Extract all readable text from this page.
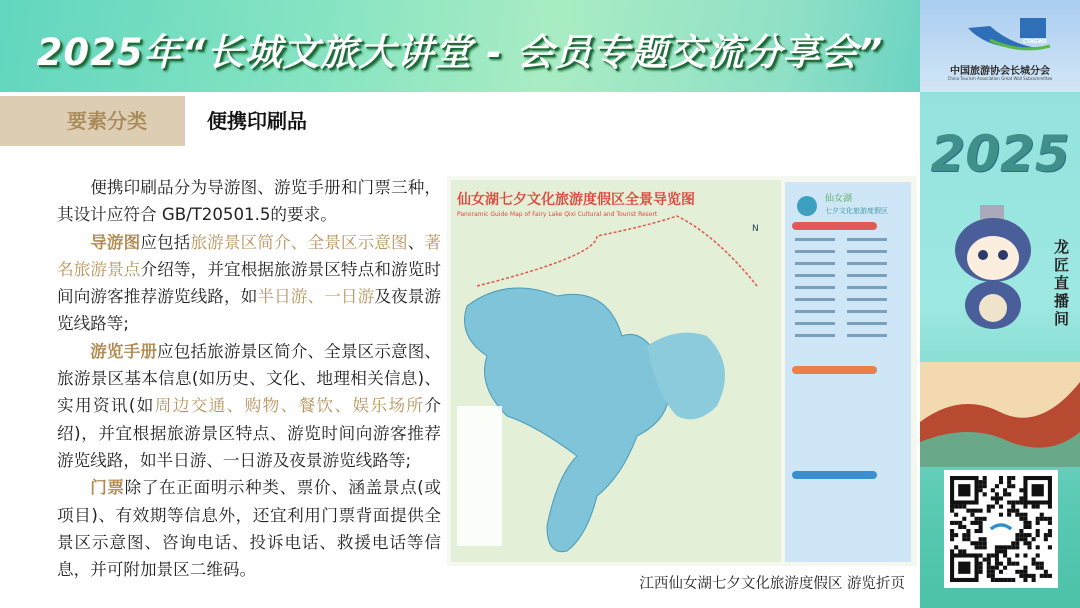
2025年“长城文旅大讲堂 - 会员专题交流分享会”
要素分类	便携印刷品

便携印刷品分为导游图、游览手册和门票三种，其设计应符合 GB/T20501.5的要求。

导游图应包括旅游景区简介、全景区示意图、著名旅游景点介绍等，并宜根据旅游景区特点和游览时间向游客推荐游览线路，如半日游、一日游及夜景游览线路等;

游览手册应包括旅游景区简介、全景区示意图、旅游景区基本信息(如历史、文化、地理相关信息)、实用资讯(如周边交通、购物、餐饮、娱乐场所介绍)，并宜根据旅游景区特点、游览时间向游客推荐游览线路，如半日游、一日游及夜景游览线路等;

门票除了在正面明示种类、票价、涵盖景点(或项目)、有效期等信息外，还宜利用门票背面提供全景区示意图、咨询电话、投诉电话、救援电话等信息，并可附加景区二维码。

仙女湖七夕文化旅游度假区全景导览图
Panoramic Guide Map of Fairy Lake Qixi Cultural and Tourist Resort
N
仙女湖
七夕文化旅游度假区
江西仙女湖七夕文化旅游度假区 游览折页
CTAGWS
中国旅游协会长城分会
China Tourism Association Great Wall Subcommittee
2025
龙匠直播间
